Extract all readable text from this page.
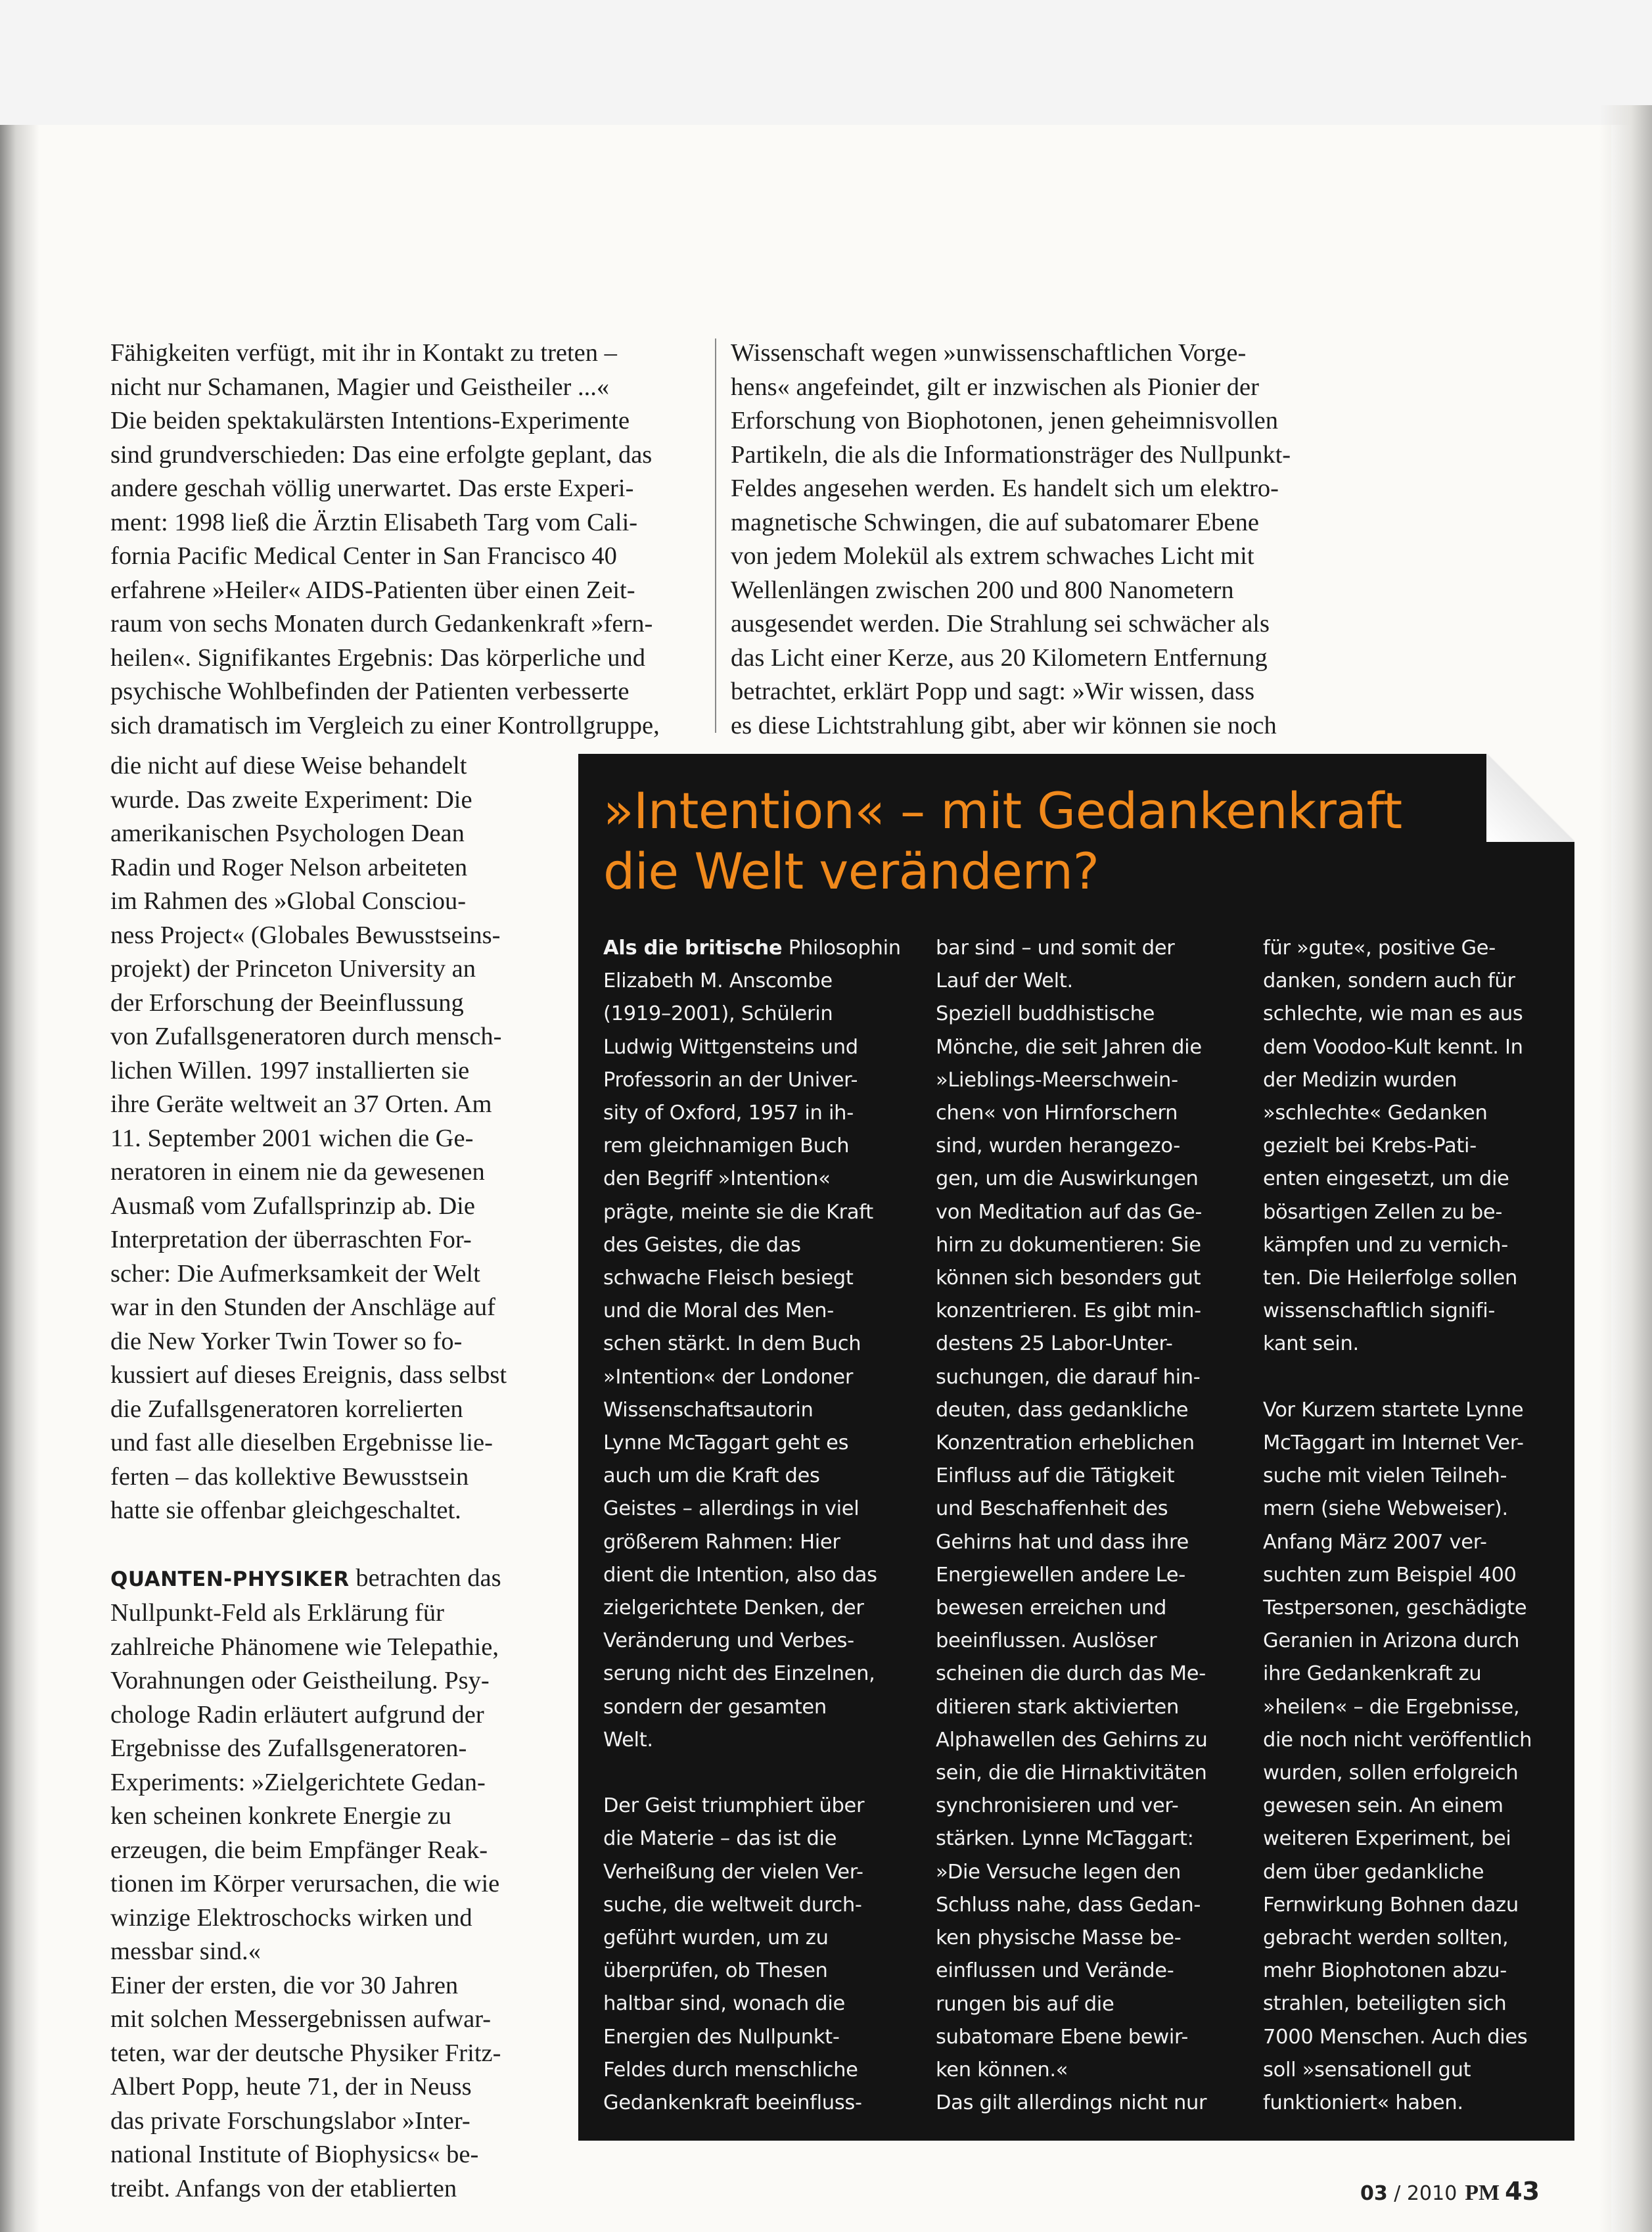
Fähigkeiten verfügt, mit ihr in Kontakt zu treten –

nicht nur Schamanen, Magier und Geistheiler ...«

Die beiden spektakulärsten Intentions-Experimente

sind grundverschieden: Das eine erfolgte geplant, das

andere geschah völlig unerwartet. Das erste Experi-

ment: 1998 ließ die Ärztin Elisabeth Targ vom Cali-

fornia Pacific Medical Center in San Francisco 40

erfahrene »Heiler« AIDS-Patienten über einen Zeit-

raum von sechs Monaten durch Gedankenkraft »fern-

heilen«. Signifikantes Ergebnis: Das körperliche und

psychische Wohlbefinden der Patienten verbesserte

sich dramatisch im Vergleich zu einer Kontrollgruppe,

Wissenschaft wegen »unwissenschaftlichen Vorge-

hens« angefeindet, gilt er inzwischen als Pionier der

Erforschung von Biophotonen, jenen geheimnisvollen

Partikeln, die als die Informationsträger des Nullpunkt-

Feldes angesehen werden. Es handelt sich um elektro-

magnetische Schwingen, die auf subatomarer Ebene

von jedem Molekül als extrem schwaches Licht mit

Wellenlängen zwischen 200 und 800 Nanometern

ausgesendet werden. Die Strahlung sei schwächer als

das Licht einer Kerze, aus 20 Kilometern Entfernung

betrachtet, erklärt Popp und sagt: »Wir wissen, dass

es diese Lichtstrahlung gibt, aber wir können sie noch

die nicht auf diese Weise behandelt

wurde. Das zweite Experiment: Die

amerikanischen Psychologen Dean

Radin und Roger Nelson arbeiteten

im Rahmen des »Global Consciou-

ness Project« (Globales Bewusstseins-

projekt) der Princeton University an

der Erforschung der Beeinflussung

von Zufallsgeneratoren durch mensch-

lichen Willen. 1997 installierten sie

ihre Geräte weltweit an 37 Orten. Am

11. September 2001 wichen die Ge-

neratoren in einem nie da gewesenen

Ausmaß vom Zufallsprinzip ab. Die

Interpretation der überraschten For-

scher: Die Aufmerksamkeit der Welt

war in den Stunden der Anschläge auf

die New Yorker Twin Tower so fo-

kussiert auf dieses Ereignis, dass selbst

die Zufallsgeneratoren korrelierten

und fast alle dieselben Ergebnisse lie-

ferten – das kollektive Bewusstsein

hatte sie offenbar gleichgeschaltet.

QUANTEN-PHYSIKER betrachten das

Nullpunkt-Feld als Erklärung für

zahlreiche Phänomene wie Telepathie,

Vorahnungen oder Geistheilung. Psy-

chologe Radin erläutert aufgrund der

Ergebnisse des Zufallsgeneratoren-

Experiments: »Zielgerichtete Gedan-

ken scheinen konkrete Energie zu

erzeugen, die beim Empfänger Reak-

tionen im Körper verursachen, die wie

winzige Elektroschocks wirken und

messbar sind.«

Einer der ersten, die vor 30 Jahren

mit solchen Messergebnissen aufwar-

teten, war der deutsche Physiker Fritz-

Albert Popp, heute 71, der in Neuss

das private Forschungslabor »Inter-

national Institute of Biophysics« be-

treibt. Anfangs von der etablierten

»Intention« – mit Gedankenkraft

die Welt verändern?

Als die britische Philosophin

Elizabeth M. Anscombe

(1919–2001), Schülerin

Ludwig Wittgensteins und

Professorin an der Univer-

sity of Oxford, 1957 in ih-

rem gleichnamigen Buch

den Begriff »Intention«

prägte, meinte sie die Kraft

des Geistes, die das

schwache Fleisch besiegt

und die Moral des Men-

schen stärkt. In dem Buch

»Intention« der Londoner

Wissenschaftsautorin

Lynne McTaggart geht es

auch um die Kraft des

Geistes – allerdings in viel

größerem Rahmen: Hier

dient die Intention, also das

zielgerichtete Denken, der

Veränderung und Verbes-

serung nicht des Einzelnen,

sondern der gesamten

Welt.

Der Geist triumphiert über

die Materie – das ist die

Verheißung der vielen Ver-

suche, die weltweit durch-

geführt wurden, um zu

überprüfen, ob Thesen

haltbar sind, wonach die

Energien des Nullpunkt-

Feldes durch menschliche

Gedankenkraft beeinfluss-

bar sind – und somit der

Lauf der Welt.

Speziell buddhistische

Mönche, die seit Jahren die

»Lieblings-Meerschwein-

chen« von Hirnforschern

sind, wurden herangezo-

gen, um die Auswirkungen

von Meditation auf das Ge-

hirn zu dokumentieren: Sie

können sich besonders gut

konzentrieren. Es gibt min-

destens 25 Labor-Unter-

suchungen, die darauf hin-

deuten, dass gedankliche

Konzentration erheblichen

Einfluss auf die Tätigkeit

und Beschaffenheit des

Gehirns hat und dass ihre

Energiewellen andere Le-

bewesen erreichen und

beeinflussen. Auslöser

scheinen die durch das Me-

ditieren stark aktivierten

Alphawellen des Gehirns zu

sein, die die Hirnaktivitäten

synchronisieren und ver-

stärken. Lynne McTaggart:

»Die Versuche legen den

Schluss nahe, dass Gedan-

ken physische Masse be-

einflussen und Verände-

rungen bis auf die

subatomare Ebene bewir-

ken können.«

Das gilt allerdings nicht nur

für »gute«, positive Ge-

danken, sondern auch für

schlechte, wie man es aus

dem Voodoo-Kult kennt. In

der Medizin wurden

»schlechte« Gedanken

gezielt bei Krebs-Pati-

enten eingesetzt, um die

bösartigen Zellen zu be-

kämpfen und zu vernich-

ten. Die Heilerfolge sollen

wissenschaftlich signifi-

kant sein.

Vor Kurzem startete Lynne

McTaggart im Internet Ver-

suche mit vielen Teilneh-

mern (siehe Webweiser).

Anfang März 2007 ver-

suchten zum Beispiel 400

Testpersonen, geschädigte

Geranien in Arizona durch

ihre Gedankenkraft zu

»heilen« – die Ergebnisse,

die noch nicht veröffentlich

wurden, sollen erfolgreich

gewesen sein. An einem

weiteren Experiment, bei

dem über gedankliche

Fernwirkung Bohnen dazu

gebracht werden sollten,

mehr Biophotonen abzu-

strahlen, beteiligten sich

7000 Menschen. Auch dies

soll »sensationell gut

funktioniert« haben.

03 / 2010 PM 43
